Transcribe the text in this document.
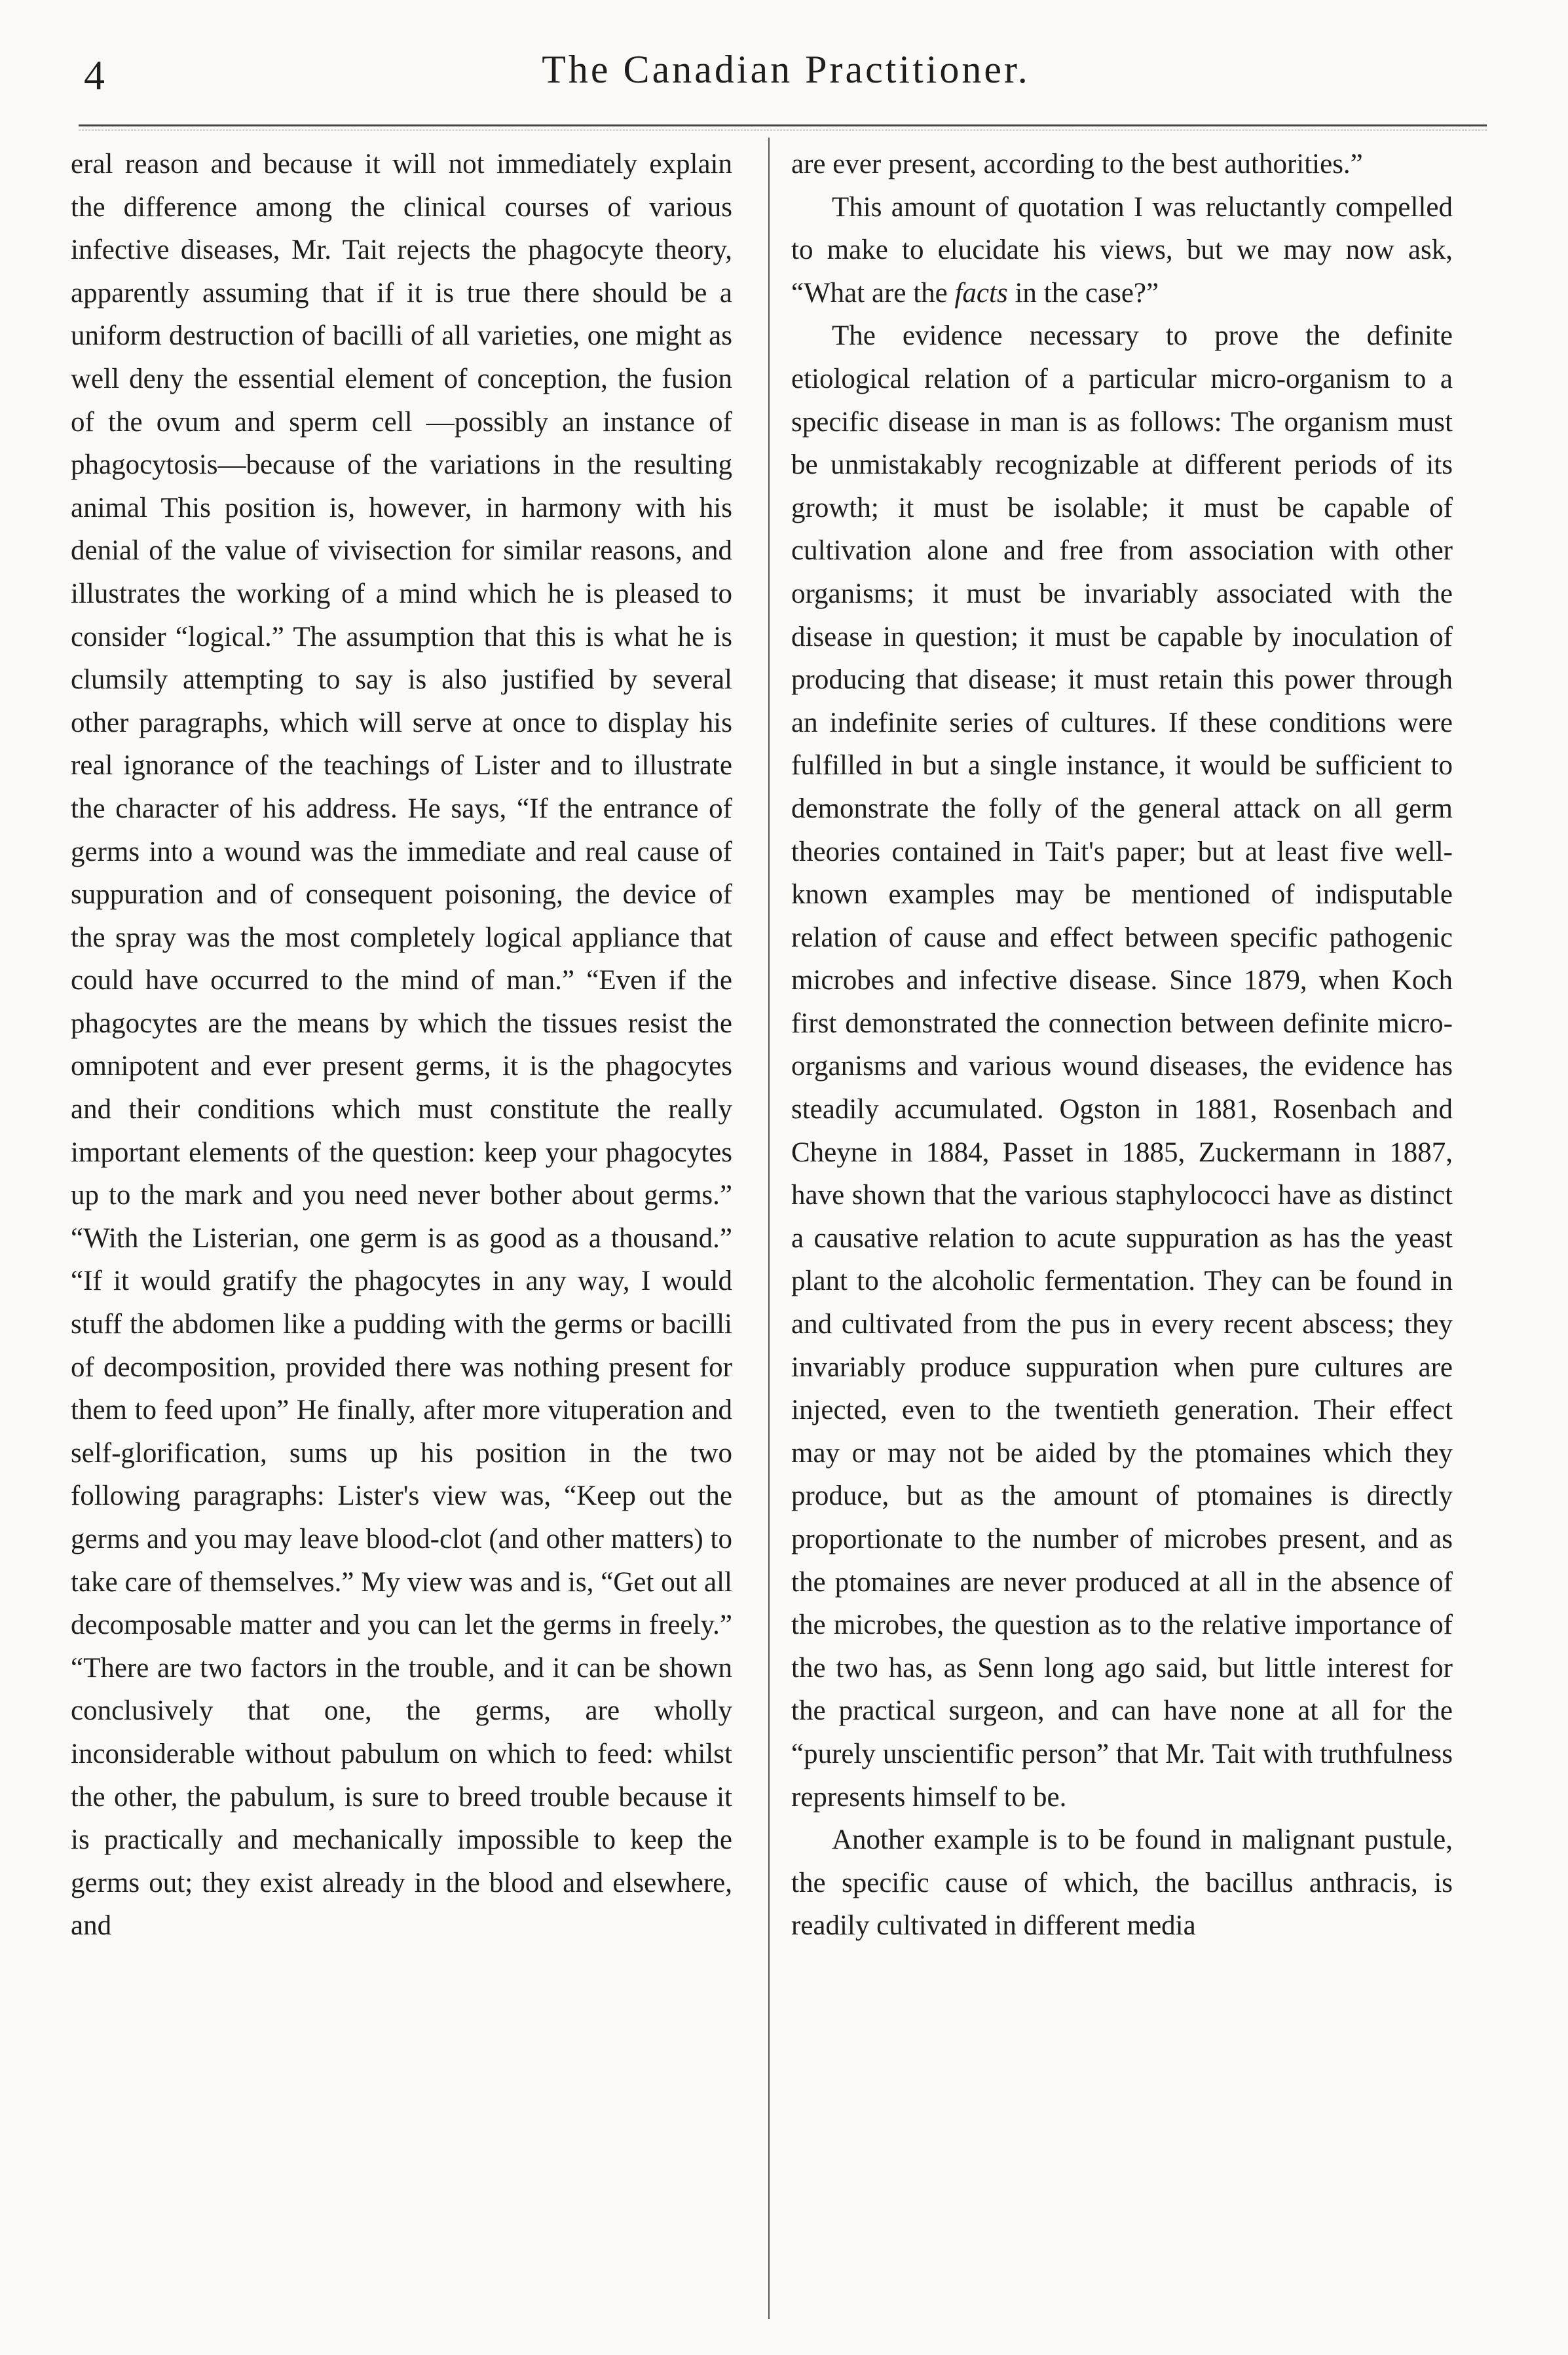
4	The Canadian Practitioner.

eral reason and because it will not immediately explain the difference among the clinical courses of various infective diseases, Mr. Tait rejects the phagocyte theory, apparently assuming that if it is true there should be a uniform destruction of bacilli of all varieties, one might as well deny the essential element of conception, the fusion of the ovum and sperm cell —possibly an instance of phagocytosis—because of the variations in the resulting animal This position is, however, in harmony with his denial of the value of vivisection for similar reasons, and illustrates the working of a mind which he is pleased to consider “logical.” The assumption that this is what he is clumsily attempting to say is also justified by several other paragraphs, which will serve at once to display his real ignorance of the teachings of Lister and to illustrate the character of his address. He says, “If the entrance of germs into a wound was the immediate and real cause of suppuration and of consequent poisoning, the device of the spray was the most completely logical appliance that could have occurred to the mind of man.” “Even if the phagocytes are the means by which the tissues resist the omnipotent and ever present germs, it is the phagocytes and their conditions which must constitute the really important elements of the question: keep your phagocytes up to the mark and you need never bother about germs.” “With the Listerian, one germ is as good as a thousand.” “If it would gratify the phagocytes in any way, I would stuff the abdomen like a pudding with the germs or bacilli of decomposition, provided there was nothing present for them to feed upon” He finally, after more vituperation and self-glorification, sums up his position in the two following paragraphs: Lister's view was, “Keep out the germs and you may leave blood-clot (and other matters) to take care of themselves.” My view was and is, “Get out all decomposable matter and you can let the germs in freely.” “There are two factors in the trouble, and it can be shown conclusively that one, the germs, are wholly inconsiderable without pabulum on which to feed: whilst the other, the pabulum, is sure to breed trouble because it is practically and mechanically impossible to keep the germs out; they exist already in the blood and elsewhere, and

are ever present, according to the best authorities.”

This amount of quotation I was reluctantly compelled to make to elucidate his views, but we may now ask, “What are the facts in the case?”

The evidence necessary to prove the definite etiological relation of a particular micro-organism to a specific disease in man is as follows: The organism must be unmistakably recognizable at different periods of its growth; it must be isolable; it must be capable of cultivation alone and free from association with other organisms; it must be invariably associated with the disease in question; it must be capable by inoculation of producing that disease; it must retain this power through an indefinite series of cultures. If these conditions were fulfilled in but a single instance, it would be sufficient to demonstrate the folly of the general attack on all germ theories contained in Tait's paper; but at least five well-known examples may be mentioned of indisputable relation of cause and effect between specific pathogenic microbes and infective disease. Since 1879, when Koch first demonstrated the connection between definite micro-organisms and various wound diseases, the evidence has steadily accumulated. Ogston in 1881, Rosenbach and Cheyne in 1884, Passet in 1885, Zuckermann in 1887, have shown that the various staphylococci have as distinct a causative relation to acute suppuration as has the yeast plant to the alcoholic fermentation. They can be found in and cultivated from the pus in every recent abscess; they invariably produce suppuration when pure cultures are injected, even to the twentieth generation. Their effect may or may not be aided by the ptomaines which they produce, but as the amount of ptomaines is directly proportionate to the number of microbes present, and as the ptomaines are never produced at all in the absence of the microbes, the question as to the relative importance of the two has, as Senn long ago said, but little interest for the practical surgeon, and can have none at all for the “purely unscientific person” that Mr. Tait with truthfulness represents himself to be.

Another example is to be found in malignant pustule, the specific cause of which, the bacillus anthracis, is readily cultivated in different media
